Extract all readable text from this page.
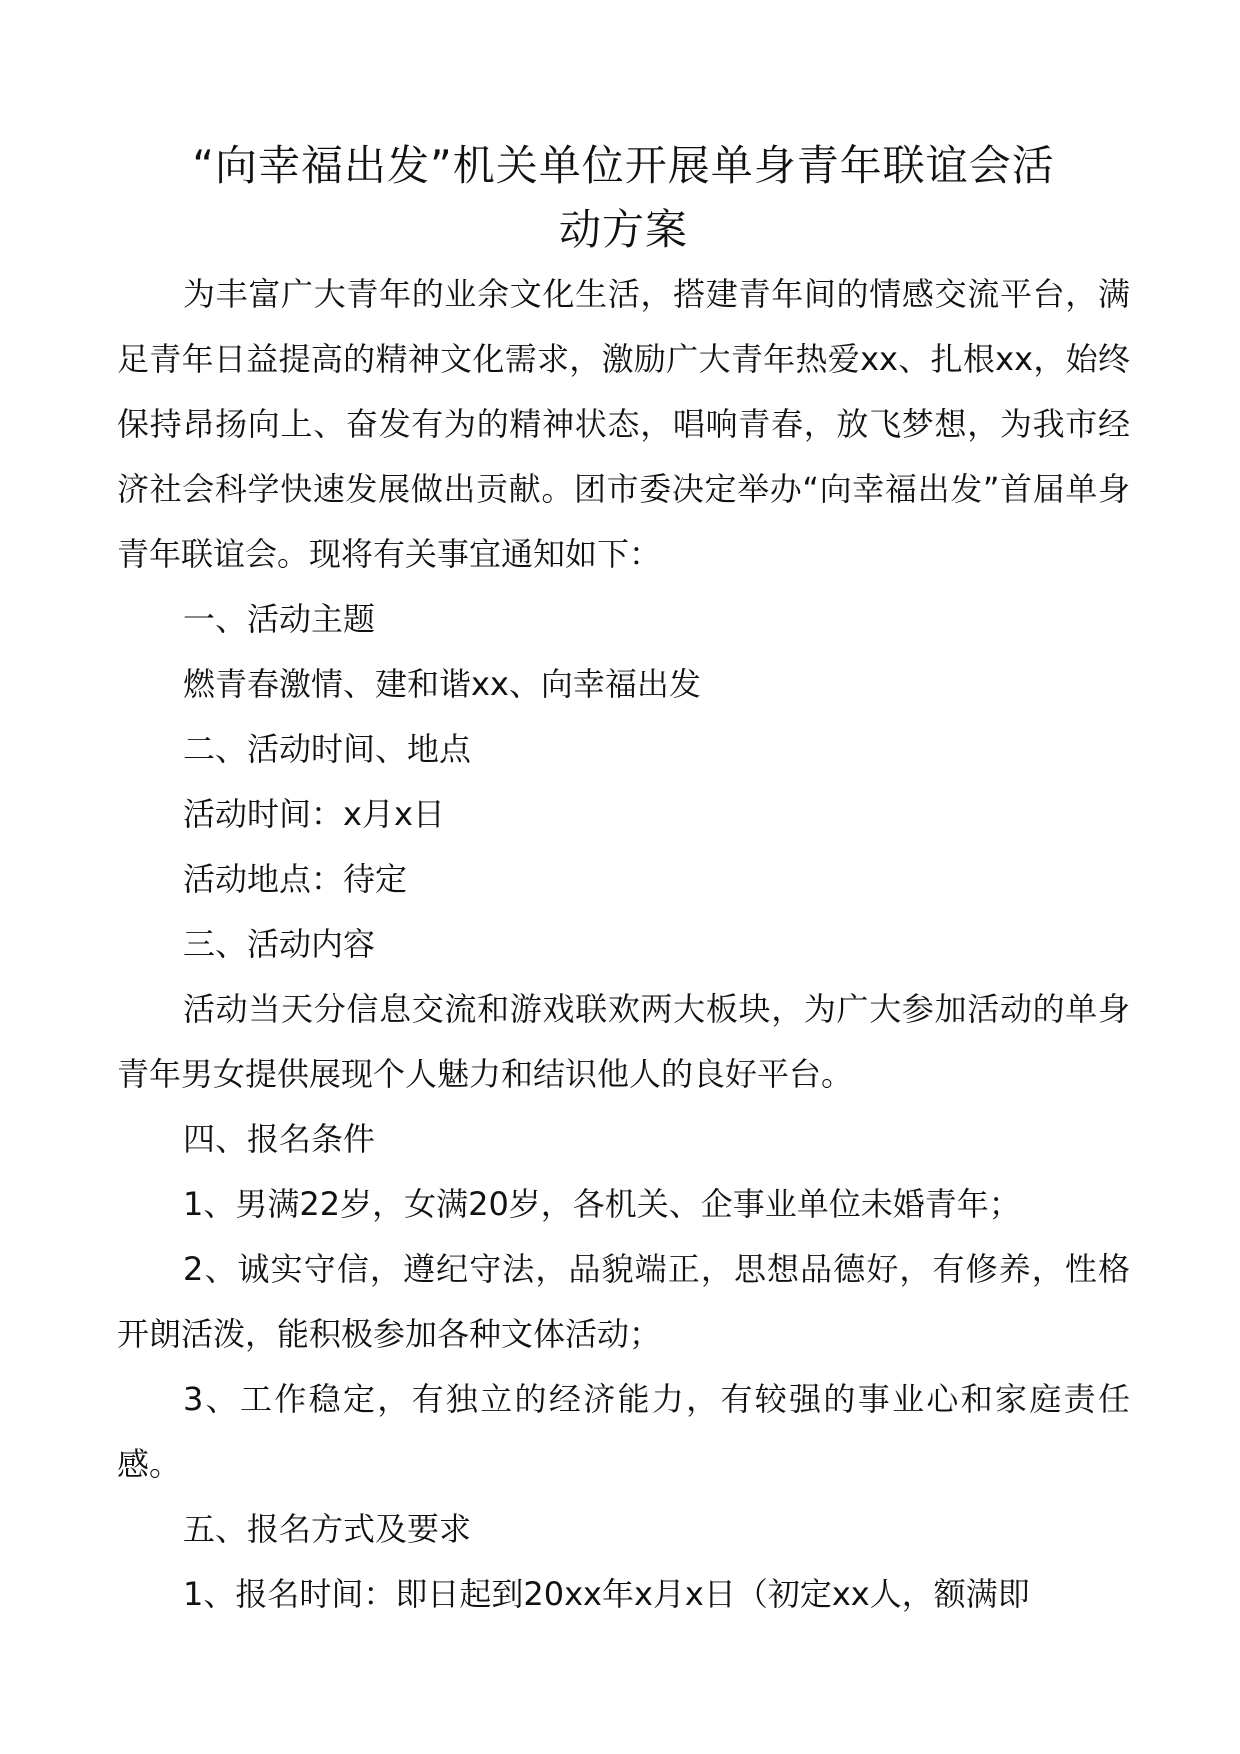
“向幸福出发”机关单位开展单身青年联谊会活
动方案

为丰富广大青年的业余文化生活，搭建青年间的情感交流平台，满足青年日益提高的精神文化需求，激励广大青年热爱xx、扎根xx，始终保持昂扬向上、奋发有为的精神状态，唱响青春，放飞梦想，为我市经济社会科学快速发展做出贡献。团市委决定举办“向幸福出发”首届单身青年联谊会。现将有关事宜通知如下：

一、活动主题

燃青春激情、建和谐xx、向幸福出发

二、活动时间、地点

活动时间：x月x日

活动地点：待定

三、活动内容

活动当天分信息交流和游戏联欢两大板块，为广大参加活动的单身青年男女提供展现个人魅力和结识他人的良好平台。

四、报名条件

1、男满22岁，女满20岁，各机关、企事业单位未婚青年；

2、诚实守信，遵纪守法，品貌端正，思想品德好，有修养，性格开朗活泼，能积极参加各种文体活动；

3、工作稳定，有独立的经济能力，有较强的事业心和家庭责任感。

五、报名方式及要求

1、报名时间：即日起到20xx年x月x日（初定xx人，额满即
